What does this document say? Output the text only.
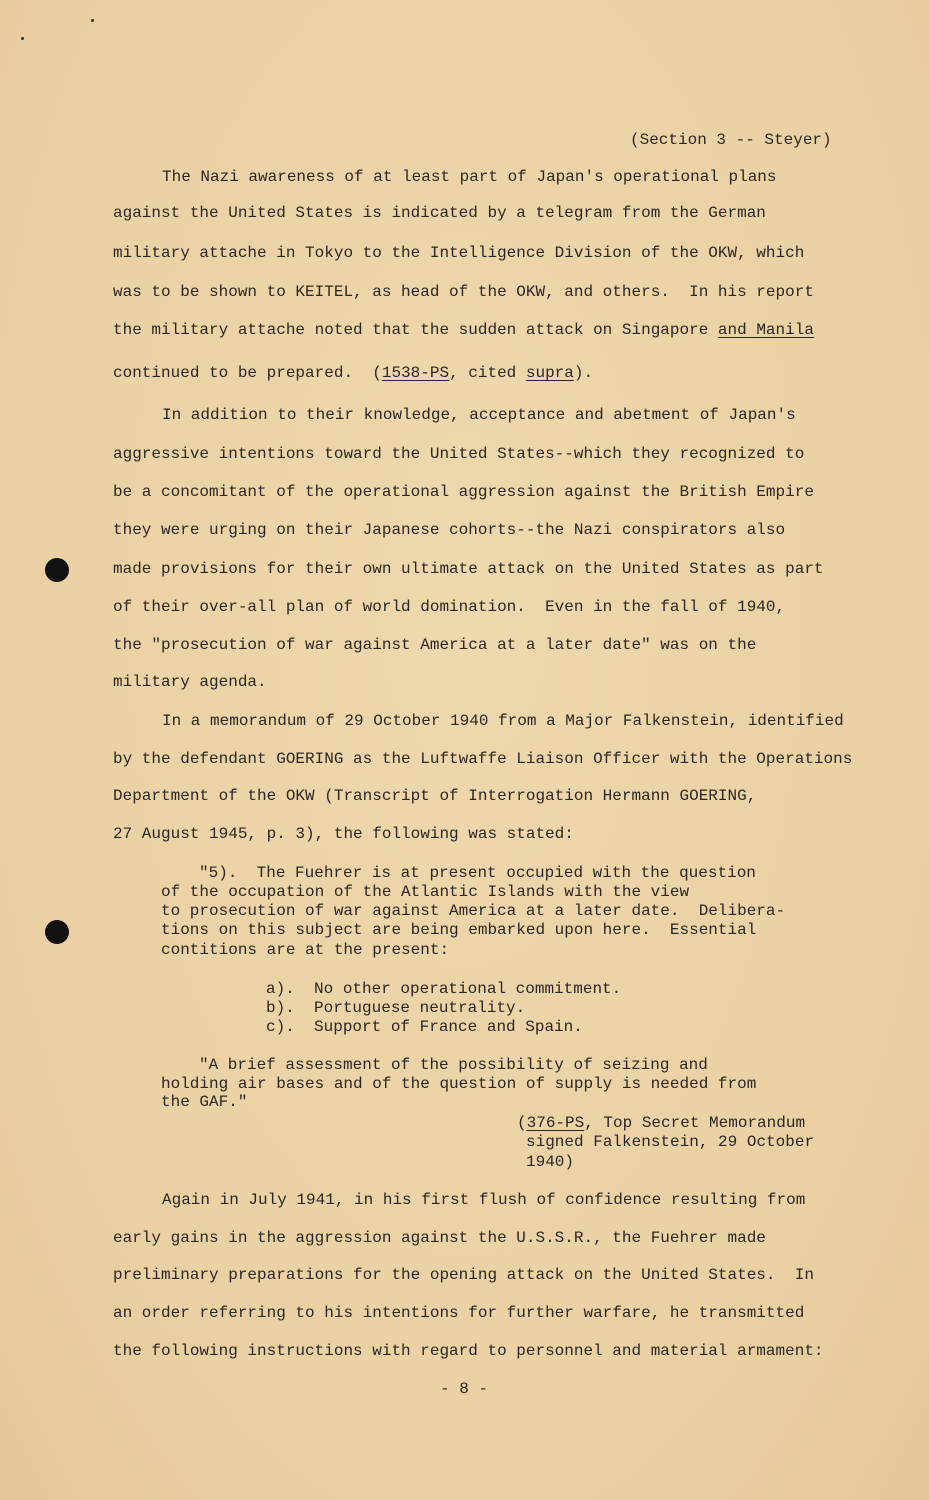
(Section 3 -- Steyer)
The Nazi awareness of at least part of Japan's operational plans
against the United States is indicated by a telegram from the German
military attache in Tokyo to the Intelligence Division of the OKW, which
was to be shown to KEITEL, as head of the OKW, and others.  In his report
the military attache noted that the sudden attack on Singapore and Manila
continued to be prepared.  (1538-PS, cited supra).
In addition to their knowledge, acceptance and abetment of Japan's
aggressive intentions toward the United States--which they recognized to
be a concomitant of the operational aggression against the British Empire
they were urging on their Japanese cohorts--the Nazi conspirators also
made provisions for their own ultimate attack on the United States as part
of their over-all plan of world domination.  Even in the fall of 1940,
the "prosecution of war against America at a later date" was on the
military agenda.
In a memorandum of 29 October 1940 from a Major Falkenstein, identified
by the defendant GOERING as the Luftwaffe Liaison Officer with the Operations
Department of the OKW (Transcript of Interrogation Hermann GOERING,
27 August 1945, p. 3), the following was stated:
"5).  The Fuehrer is at present occupied with the question
of the occupation of the Atlantic Islands with the view
to prosecution of war against America at a later date.  Delibera-
tions on this subject are being embarked upon here.  Essential
contitions are at the present:
a).  No other operational commitment.
b).  Portuguese neutrality.
c).  Support of France and Spain.
"A brief assessment of the possibility of seizing and
holding air bases and of the question of supply is needed from
the GAF."
(376-PS, Top Secret Memorandum
signed Falkenstein, 29 October
1940)
Again in July 1941, in his first flush of confidence resulting from
early gains in the aggression against the U.S.S.R., the Fuehrer made
preliminary preparations for the opening attack on the United States.  In
an order referring to his intentions for further warfare, he transmitted
the following instructions with regard to personnel and material armament:
- 8 -
